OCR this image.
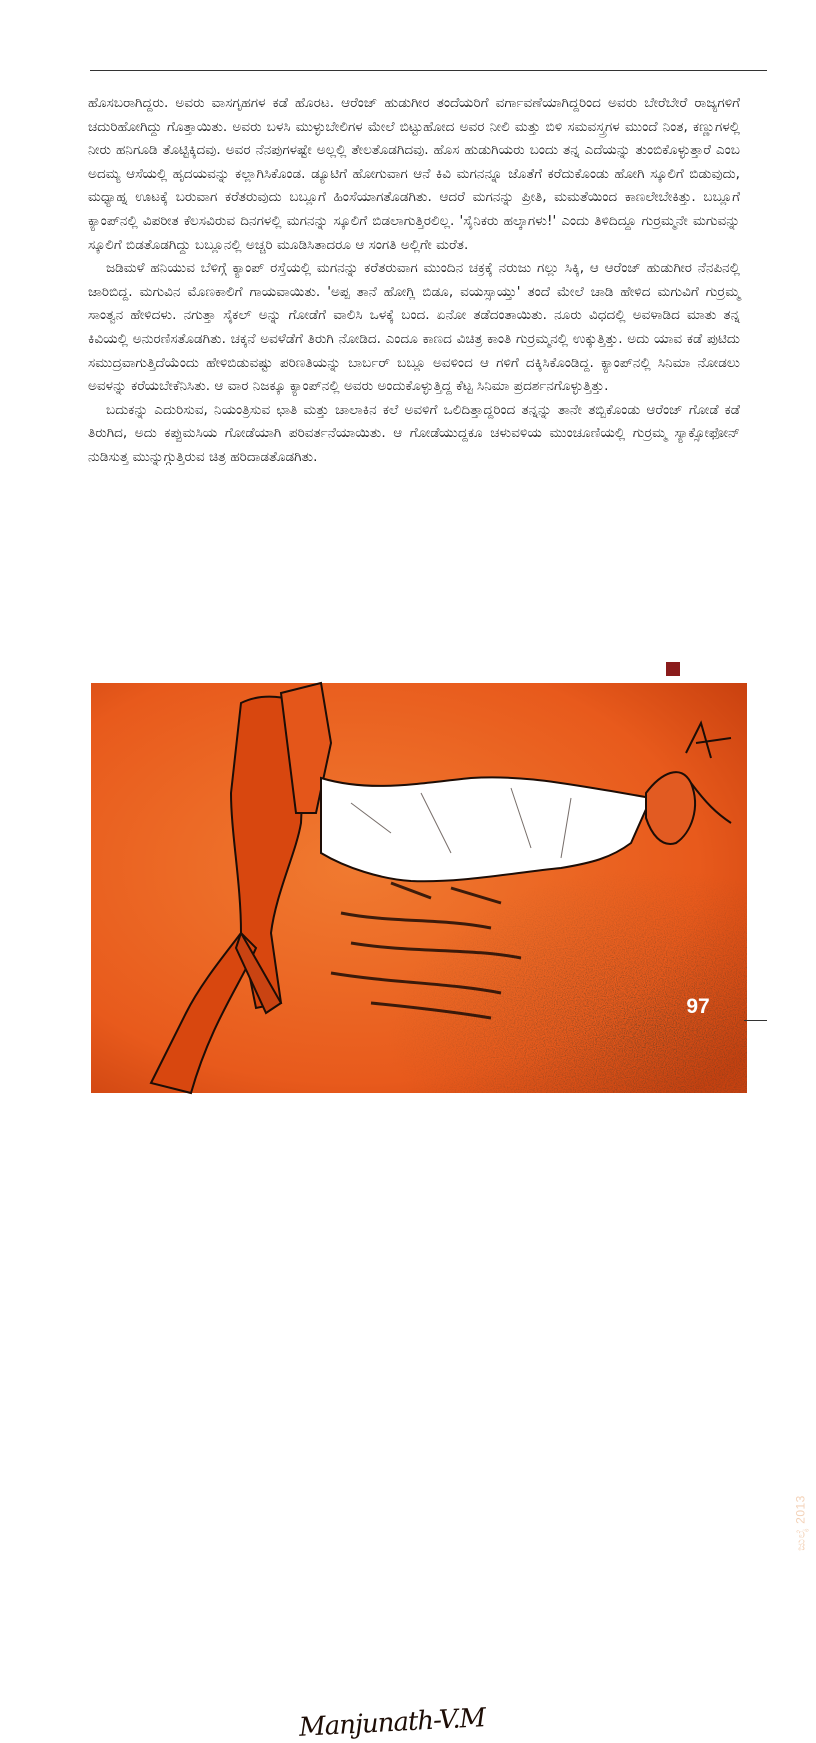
ಹೊಸಬರಾಗಿದ್ದರು. ಅವರು ವಾಸಗೃಹಗಳ ಕಡೆ ಹೊರಟ. ಆರೆಂಜ್ ಹುಡುಗೀರ ತಂದೆಯರಿಗೆ ವರ್ಗಾವಣೆಯಾಗಿದ್ದರಿಂದ ಅವರು ಬೇರೆಬೇರೆ ರಾಜ್ಯಗಳಿಗೆ ಚದುರಿಹೋಗಿದ್ದು ಗೊತ್ತಾಯಿತು. ಅವರು ಬಳಸಿ ಮುಳ್ಳುಬೇಲಿಗಳ ಮೇಲೆ ಬಿಟ್ಟುಹೋದ ಅವರ ನೀಲಿ ಮತ್ತು ಬಿಳಿ ಸಮವಸ್ತ್ರಗಳ ಮುಂದೆ ನಿಂತ, ಕಣ್ಣುಗಳಲ್ಲಿ ನೀರು ಹನಿಗೂಡಿ ತೊಟ್ಟಿಕ್ಕಿದವು. ಅವರ ನೆನಪುಗಳಷ್ಟೇ ಅಲ್ಲಲ್ಲಿ ತೇಲತೊಡಗಿದವು. ಹೊಸ ಹುಡುಗಿಯರು ಬಂದು ತನ್ನ ಎದೆಯನ್ನು ತುಂಬಿಕೊಳ್ಳುತ್ತಾರೆ ಎಂಬ ಅದಮ್ಯ ಆಸೆಯಲ್ಲಿ ಹೃದಯವನ್ನು ಕಲ್ಲಾಗಿಸಿಕೊಂಡ. ಡ್ಯೂಟಿಗೆ ಹೋಗುವಾಗ ಆನೆ ಕಿವಿ ಮಗನನ್ನೂ ಜೊತೆಗೆ ಕರೆದುಕೊಂಡು ಹೋಗಿ ಸ್ಕೂಲಿಗೆ ಬಿಡುವುದು, ಮಧ್ಯಾಹ್ನ ಊಟಕ್ಕೆ ಬರುವಾಗ ಕರೆತರುವುದು ಬಬ್ಲೂಗೆ ಹಿಂಸೆಯಾಗತೊಡಗಿತು. ಆದರೆ ಮಗನನ್ನು ಪ್ರೀತಿ, ಮಮತೆಯಿಂದ ಕಾಣಲೇಬೇಕಿತ್ತು. ಬಬ್ಲೂಗೆ ಕ್ಯಾಂಪ್‌ನಲ್ಲಿ ವಿಪರೀತ ಕೆಲಸವಿರುವ ದಿನಗಳಲ್ಲಿ ಮಗನನ್ನು ಸ್ಕೂಲಿಗೆ ಬಿಡಲಾಗುತ್ತಿರಲಿಲ್ಲ. 'ಸೈನಿಕರು ಹಲ್ಕಾಗಳು!' ಎಂದು ತಿಳಿದಿದ್ದೂ ಗುರ್ರಮ್ಮನೇ ಮಗುವನ್ನು ಸ್ಕೂಲಿಗೆ ಬಿಡತೊಡಗಿದ್ದು ಬಬ್ಲೂನಲ್ಲಿ ಅಚ್ಚರಿ ಮೂಡಿಸಿತಾದರೂ ಆ ಸಂಗತಿ ಅಲ್ಲಿಗೇ ಮರೆತ.

ಜಡಿಮಳೆ ಹನಿಯುವ ಬೆಳಿಗ್ಗೆ ಕ್ಯಾಂಪ್ ರಸ್ತೆಯಲ್ಲಿ ಮಗನನ್ನು ಕರೆತರುವಾಗ ಮುಂದಿನ ಚಕ್ರಕ್ಕೆ ನರುಜು ಗಲ್ಲು ಸಿಕ್ಕಿ, ಆ ಆರೆಂಜ್ ಹುಡುಗೀರ ನೆನಪಿನಲ್ಲಿ ಜಾರಿಬಿದ್ದ. ಮಗುವಿನ ಮೊಣಕಾಲಿಗೆ ಗಾಯವಾಯಿತು. 'ಅಪ್ಪ ತಾನೆ ಹೋಗ್ಲಿ ಬಿಡೂ, ವಯಸ್ಸಾಯ್ತು' ತಂದೆ ಮೇಲೆ ಚಾಡಿ ಹೇಳಿದ ಮಗುವಿಗೆ ಗುರ್ರಮ್ಮ ಸಾಂತ್ವನ ಹೇಳಿದಳು. ನಗುತ್ತಾ ಸೈಕಲ್ ಅನ್ನು ಗೋಡೆಗೆ ವಾಲಿಸಿ ಒಳಕ್ಕೆ ಬಂದ. ಏನೋ ತಡೆದಂತಾಯಿತು. ನೂರು ವಿಧದಲ್ಲಿ ಅವಳಾಡಿದ ಮಾತು ತನ್ನ ಕಿವಿಯಲ್ಲಿ ಅನುರಣಿಸತೊಡಗಿತು. ಚಕ್ಕನೆ ಅವಳೆಡೆಗೆ ತಿರುಗಿ ನೋಡಿದ. ಎಂದೂ ಕಾಣದ ವಿಚಿತ್ರ ಕಾಂತಿ ಗುರ್ರಮ್ಮನಲ್ಲಿ ಉಕ್ಕುತ್ತಿತ್ತು. ಅದು ಯಾವ ಕಡೆ ಪುಟಿದು ಸಮುದ್ರವಾಗುತ್ತಿದೆಯೆಂದು ಹೇಳಿಬಿಡುವಷ್ಟು ಪರಿಣತಿಯನ್ನು ಬಾರ್ಬರ್ ಬಬ್ಲೂ ಅವಳಿಂದ ಆ ಗಳಿಗೆ ದಕ್ಕಿಸಿಕೊಂಡಿದ್ದ. ಕ್ಯಾಂಪ್‌ನಲ್ಲಿ ಸಿನಿಮಾ ನೋಡಲು ಅವಳನ್ನು ಕರೆಯಬೇಕೆನಿಸಿತು. ಆ ವಾರ ನಿಜಕ್ಕೂ ಕ್ಯಾಂಪ್‌ನಲ್ಲಿ ಅವರು ಅಂದುಕೊಳ್ಳುತ್ತಿದ್ದ ಕೆಟ್ಟ ಸಿನಿಮಾ ಪ್ರದರ್ಶನಗೊಳ್ಳುತ್ತಿತ್ತು.

ಬದುಕನ್ನು ಎದುರಿಸುವ, ನಿಯಂತ್ರಿಸುವ ಛಾತಿ ಮತ್ತು ಚಾಲಾಕಿನ ಕಲೆ ಅವಳಿಗೆ ಒಲಿದಿತ್ತಾದ್ದರಿಂದ ತನ್ನನ್ನು ತಾನೇ ತಬ್ಬಿಕೊಂಡು ಆರೆಂಜ್ ಗೋಡೆ ಕಡೆ ತಿರುಗಿದ, ಅದು ಕಪ್ಪುಮಸಿಯ ಗೋಡೆಯಾಗಿ ಪರಿವರ್ತನೆಯಾಯಿತು. ಆ ಗೋಡೆಯುದ್ದಕೂ ಚಳುವಳಿಯ ಮುಂಚೂಣಿಯಲ್ಲಿ ಗುರ್ರಮ್ಮ ಸ್ಯಾಕ್ಸೋಫೋನ್ ನುಡಿಸುತ್ತ ಮುನ್ನುಗ್ಗುತ್ತಿರುವ ಚಿತ್ರ ಹರಿದಾಡತೊಡಗಿತು.

ಜುಲೈ 2013
Manjunath-V.M
97
